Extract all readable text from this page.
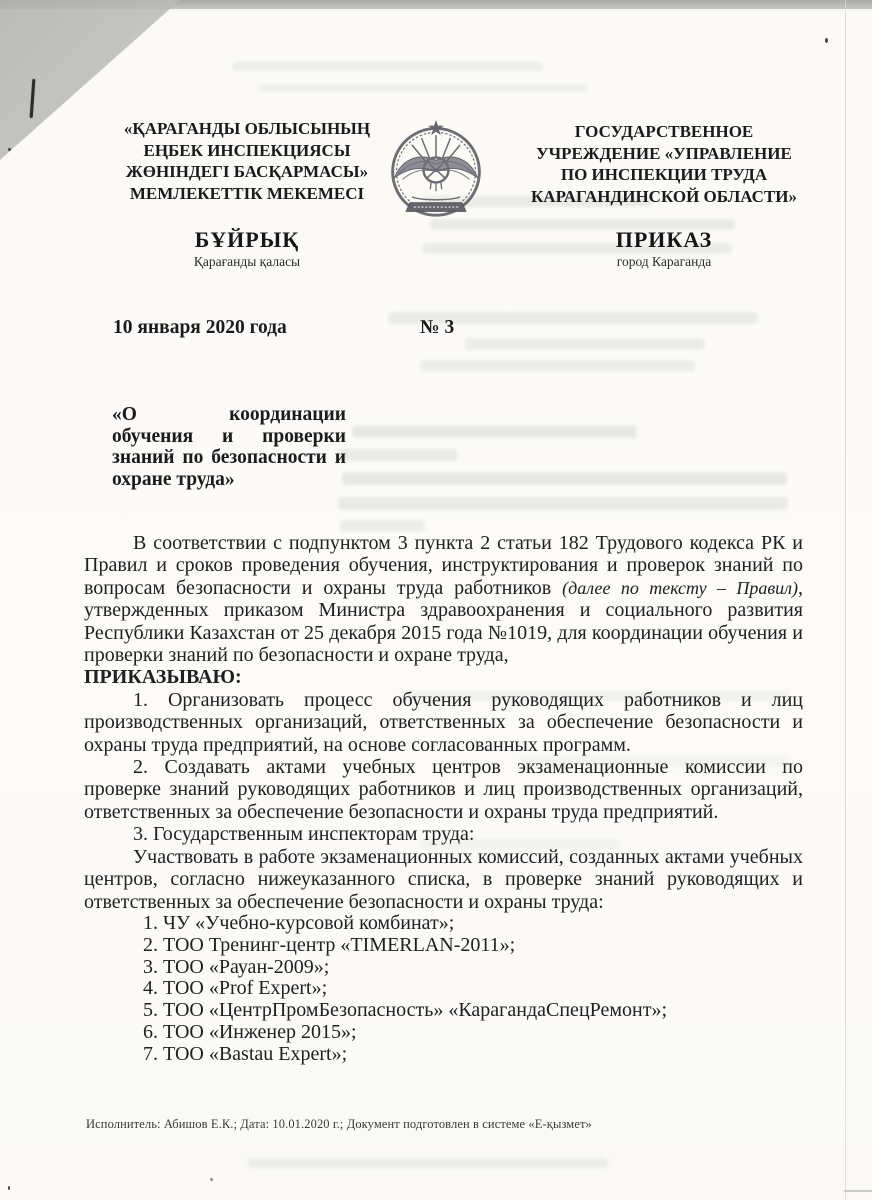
«ҚАРАГАНДЫ ОБЛЫСЫНЫҢ
ЕҢБЕК ИНСПЕКЦИЯСЫ
ЖӨНІНДЕГІ БАСҚАРМАСЫ»
МЕМЛЕКЕТТІК МЕКЕМЕСІ
ГОСУДАРСТВЕННОЕ
УЧРЕЖДЕНИЕ «УПРАВЛЕНИЕ
ПО ИНСПЕКЦИИ ТРУДА
КАРАГАНДИНСКОЙ ОБЛАСТИ»
БҰЙРЫҚ
Қарағанды қаласы
ПРИКАЗ
город Караганда
10 января 2020 года	№ 3
«О координации
обучения и проверки
знаний по безопасности и
охране труда»

В соответствии с подпунктом 3 пункта 2 статьи 182 Трудового кодекса РК и Правил и сроков проведения обучения, инструктирования и проверок знаний по вопросам безопасности и охраны труда работников (далее по тексту – Правил), утвержденных приказом Министра здравоохранения и социального развития Республики Казахстан от 25 декабря 2015 года №1019, для координации обучения и проверки знаний по безопасности и охране труда,

ПРИКАЗЫВАЮ:

1. Организовать процесс обучения руководящих работников и лиц производственных организаций, ответственных за обеспечение безопасности и охраны труда предприятий, на основе согласованных программ.

2. Создавать актами учебных центров экзаменационные комиссии по проверке знаний руководящих работников и лиц производственных организаций, ответственных за обеспечение безопасности и охраны труда предприятий.

3. Государственным инспекторам труда:

Участвовать в работе экзаменационных комиссий, созданных актами учебных центров, согласно нижеуказанного списка, в проверке знаний руководящих и ответственных за обеспечение безопасности и охраны труда:

1. ЧУ «Учебно-курсовой комбинат»;
2. ТОО Тренинг-центр «TIMERLAN-2011»;
3. ТОО «Рауан-2009»;
4. ТОО «Prof Expert»;
5. ТОО «ЦентрПромБезопасность» «КарагандаСпецРемонт»;
6. ТОО «Инженер 2015»;
7. ТОО «Bastau Expert»;
Исполнитель: Абишов Е.К.; Дата: 10.01.2020 г.; Документ подготовлен в системе «Е-қызмет»
